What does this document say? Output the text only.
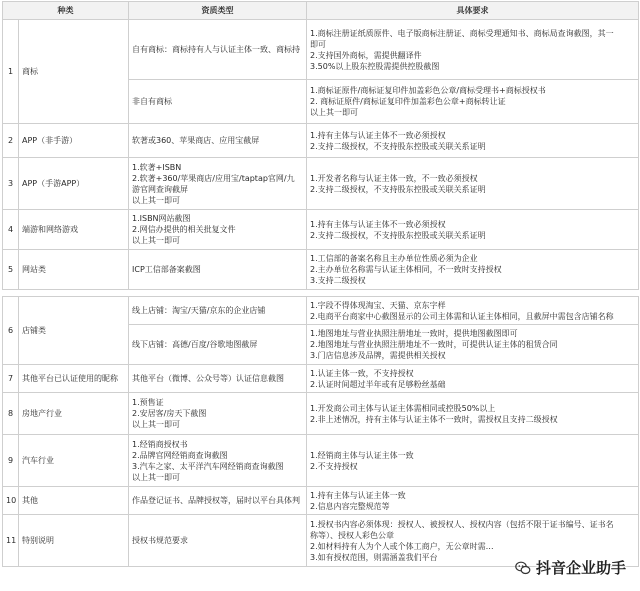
种类		资质类型	具体要求
1	商标	自有商标：商标持有人与认证主体一致、商标持	1.商标注册证纸质原件、电子版商标注册证、商标受理通知书、商标局查询截图，其一
即可
2.支持国外商标，需提供翻译件
3.50%以上股东控股需提供控股截图

		非自有商标	1.商标证原件/商标证复印件加盖彩色公章/商标受理书+商标授权书
2. 商标证原件/商标证复印件加盖彩色公章+商标转让证
以上其一即可

2	APP（非手游）	软著或360、苹果商店、应用宝截屏	1.持有主体与认证主体不一致必须授权
2.支持二级授权，不支持股东控股或关联关系证明

3	APP（手游APP）	1.软著+ISBN
2.软著+360/苹果商店/应用宝/taptap官网/九
游官网查询截屏
以上其一即可	1.开发者名称与认证主体一致，不一致必须授权
2.支持二级授权，不支持股东控股或关联关系证明

4	端游和网络游戏	1.ISBN网站截图
2.网信办提供的相关批复文件
以上其一即可	1.持有主体与认证主体不一致必须授权
2.支持二级授权，不支持股东控股或关联关系证明

5	网站类	ICP工信部备案截图	1.工信部的备案名称且主办单位性质必须为企业
2.主办单位名称需与认证主体相同，不一致时支持授权
3.支持二级授权

6	店铺类	线上店铺：淘宝/天猫/京东的企业店铺	1.字段不得体现淘宝、天猫、京东字样
2.电商平台商家中心截图显示的公司主体需和认证主体相同，且截屏中需包含店铺名称

		线下店铺：高德/百度/谷歌地图截屏	1.地图地址与营业执照注册地址一致时，提供地图截图即可
2.地图地址与营业执照注册地址不一致时，可提供认证主体的租赁合同
3.门店信息涉及品牌，需提供相关授权

7	其他平台已认证使用的昵称	其他平台（微博、公众号等）认证信息截图	1.认证主体一致，不支持授权
2.认证时间超过半年或有足够粉丝基础

8	房地产行业	1.预售证
2.安居客/房天下截图
以上其一即可	1.开发商公司主体与认证主体需相同或控股50%以上
2.非上述情况，持有主体与认证主体不一致时，需授权且支持二级授权

9	汽车行业	1.经销商授权书
2.品牌官网经销商查询截图
3.汽车之家、太平洋汽车网经销商查询截图
以上其一即可	1.经销商主体与认证主体一致
2.不支持授权

10	其他	作品登记证书、品牌授权等，届时以平台具体判	1.持有主体与认证主体一致
2.信息内容完整规范等

11	特别说明	授权书规范要求	1.授权书内容必须体现：授权人、被授权人、授权内容（包括不限于证书编号、证书名
称等）、授权人彩色公章
2.如材料持有人为个人或个体工商户，无公章时需…
3.如有授权范围，则需涵盖我们平台
抖音企业助手
